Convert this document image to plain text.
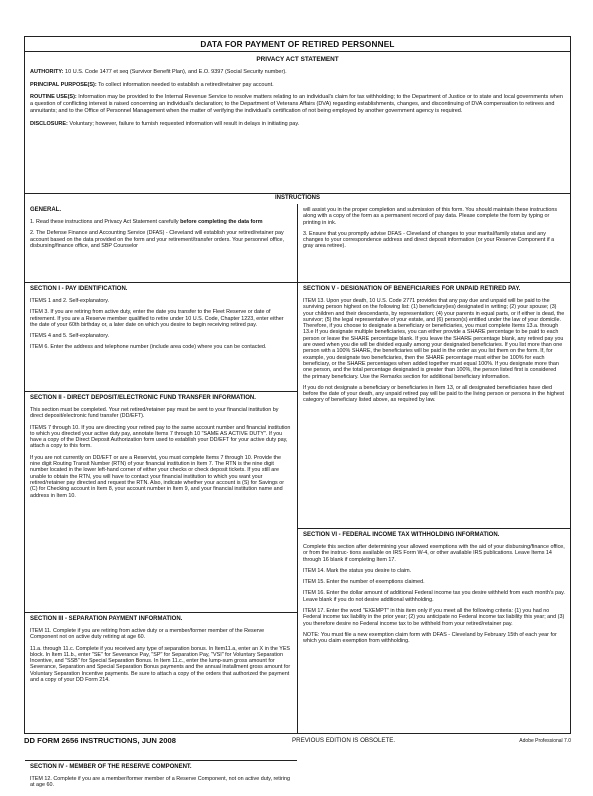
DATA FOR PAYMENT OF RETIRED PERSONNEL
PRIVACY ACT STATEMENT

AUTHORITY: 10 U.S. Code 1477 et seq (Survivor Benefit Plan), and E.O. 9397 (Social Security number).

PRINCIPAL PURPOSE(S): To collect information needed to establish a retired/retainer pay account.

ROUTINE USE(S): Information may be provided to the Internal Revenue Service to resolve matters relating to an individual's claim for tax withholding; to the Department of Justice or to state and local governments when a question of conflicting interest is raised concerning an individual's declaration; to the Department of Veterans Affairs (DVA) regarding establishments, changes, and discontinuing of DVA compensation to retirees and annuitants; and to the Office of Personnel Management when the matter of verifying the individual's certification of not being employed by another government agency is required.

DISCLOSURE: Voluntary; however, failure to furnish requested information will result in delays in initiating pay.

INSTRUCTIONS
GENERAL.

1. Read these instructions and Privacy Act Statement carefully before completing the data form

2. The Defense Finance and Accounting Service (DFAS) - Cleveland will establish your retired/retainer pay account based on the data provided on the form and your retirement/transfer orders. Your personnel office, disbursing/finance office, and SBP Counselor

SECTION I - PAY IDENTIFICATION.

ITEMS 1 and 2. Self-explanatory.

ITEM 3. If you are retiring from active duty, enter the date you transfer to the Fleet Reserve or date of retirement. If you are a Reserve member qualified to retire under 10 U.S. Code, Chapter 1223, enter either the date of your 60th birthday or, a later date on which you desire to begin receiving retired pay.

ITEMS 4 and 5. Self-explanatory.

ITEM 6. Enter the address and telephone number (include area code) where you can be contacted.

SECTION II - DIRECT DEPOSIT/ELECTRONIC FUND TRANSFER INFORMATION.

This section must be completed. Your net retired/retainer pay must be sent to your financial institution by direct deposit/electronic fund transfer (DD/EFT).

ITEMS 7 through 10. If you are directing your retired pay to the same account number and financial institution to which you directed your active duty pay, annotate Items 7 through 10 "SAME AS ACTIVE DUTY". If you have a copy of the Direct Deposit Authorization form used to establish your DD/EFT for your active duty pay, attach a copy to this form.

If you are not currently on DD/EFT or are a Reservist, you must complete Items 7 through 10. Provide the nine digit Routing Transit Number (RTN) of your financial institution in Item 7. The RTN is the nine digit number located in the lower left-hand corner of either your checks or check deposit tickets. If you still are unable to obtain the RTN, you will have to contact your financial institution to which you want your retired/retainer pay directed and request the RTN. Also, indicate whether your account is (S) for Savings or (C) for Checking account in Item 8, your account number in Item 9, and your financial institution name and address in Item 10.

SECTION III - SEPARATION PAYMENT INFORMATION.

ITEM 11. Complete if you are retiring from active duty or a member/former member of the Reserve Component not on active duty retiring at age 60.

11.a. through 11.c. Complete if you received any type of separation bonus. In Item11.a, enter an X in the YES block. In Item 11.b., enter "SE" for Severance Pay, "SP" for Separation Pay, "VSI" for Voluntary Separation Incentive, and "SSB" for Special Separation Bonus. In Item 11.c., enter the lump-sum gross amount for Severance, Separation and Special Separation Bonus payments and the annual installment gross amount for Voluntary Separation Incentive payments. Be sure to attach a copy of the orders that authorized the payment and a copy of your DD Form 214.

SECTION IV - MEMBER OF THE RESERVE COMPONENT.

ITEM 12. Complete if you are a member/former member of a Reserve Component, not on active duty, retiring at age 60.

will assist you in the proper completion and submission of this form. You should maintain these instructions along with a copy of the form as a permanent record of pay data. Please complete the form by typing or printing in ink.

3. Ensure that you promptly advise DFAS - Cleveland of changes to your marital/family status and any changes to your correspondence address and direct deposit information (or your Reserve Component if a gray area retiree).

SECTION V - DESIGNATION OF BENEFICIARIES FOR UNPAID RETIRED PAY.

ITEM 13. Upon your death, 10 U.S. Code 2771 provides that any pay due and unpaid will be paid to the surviving person highest on the following list: (1) beneficiary(ies) designated in writing; (2) your spouse; (3) your children and their descendants, by representation; (4) your parents in equal parts, or if either is dead, the survivor; (5) the legal representative of your estate, and (6) person(s) entitled under the law of your domicile. Therefore, if you choose to designate a beneficiary or beneficiaries, you must complete Items 13.a. through 13.e If you designate multiple beneficiaries, you can either provide a SHARE percentage to be paid to each person or leave the SHARE percentage blank. If you leave the SHARE percentage blank, any retired pay you are owed when you die will be divided equally among your designated beneficiaries. If you list more than one person with a 100% SHARE, the beneficiaries will be paid in the order as you list them on the form. If, for example, you designate two beneficiaries, then the SHARE percentage must either be 100% for each beneficiary, or the SHARE percentages when added together must equal 100%. If you designate more than one person, and the total percentage designated is greater than 100%, the person listed first is considered the primary beneficiary. Use the Remarks section for additional beneficiary information.

If you do not designate a beneficiary or beneficiaries in Item 13, or all designated beneficiaries have died before the date of your death, any unpaid retired pay will be paid to the living person or persons in the highest category of beneficiary listed above, as required by law.

SECTION VI - FEDERAL INCOME TAX WITHHOLDING INFORMATION.

Complete this section after determining your allowed exemptions with the aid of your disbursing/finance office, or from the instruc- tions available on IRS Form W-4, or other available IRS publications. Leave Items 14 through 16 blank if completing Item 17.

ITEM 14. Mark the status you desire to claim.

ITEM 15. Enter the number of exemptions claimed.

ITEM 16. Enter the dollar amount of additional Federal income tax you desire withheld from each month's pay. Leave blank if you do not desire additional withholding.

ITEM 17. Enter the word "EXEMPT" in this item only if you meet all the following criteria: (1) you had no Federal income tax liability in the prior year; (2) you anticipate no Federal income tax liability this year; and (3) you therefore desire no Federal income tax to be withheld from your retired/retainer pay.

NOTE: You must file a new exemption claim form with DFAS - Cleveland by February 15th of each year for which you claim exemption from withholding.

DD FORM 2656 INSTRUCTIONS, JUN 2008	PREVIOUS EDITION IS OBSOLETE.	Adobe Professional 7.0
